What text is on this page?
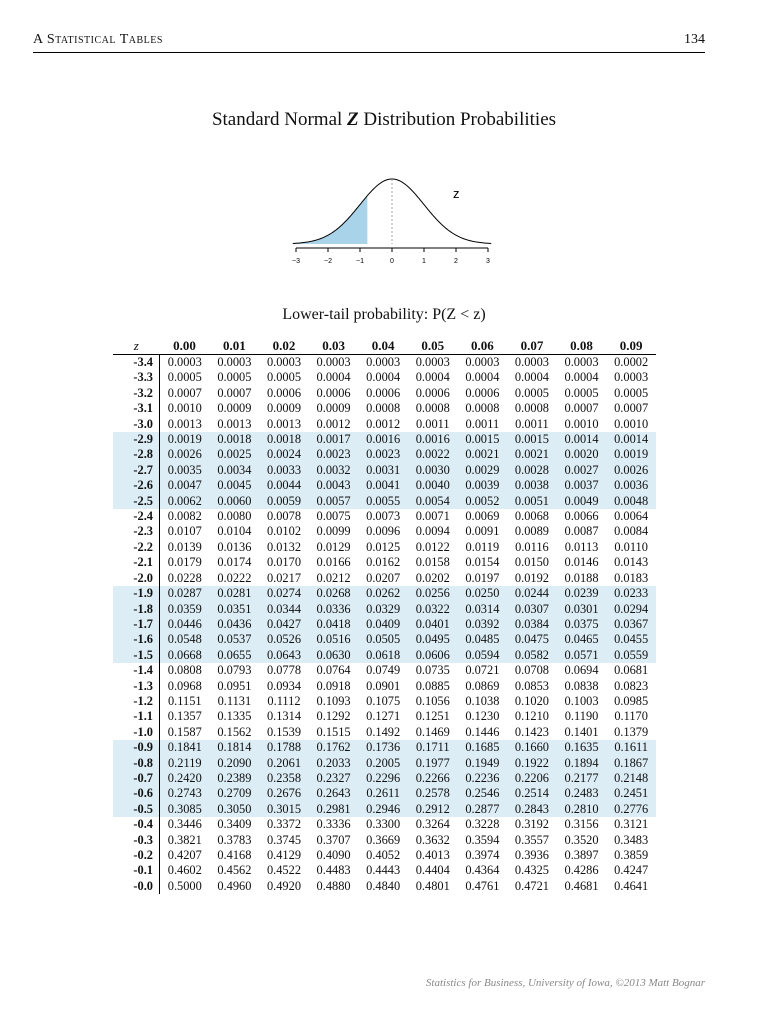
A Statistical Tables	134
Standard Normal Z Distribution Probabilities
−3	−2	−1	0	1	2	3
z
Lower-tail probability: P(Z < z)
z	0.00	0.01	0.02	0.03	0.04	0.05	0.06	0.07	0.08	0.09
-3.4	0.0003	0.0003	0.0003	0.0003	0.0003	0.0003	0.0003	0.0003	0.0003	0.0002
-3.3	0.0005	0.0005	0.0005	0.0004	0.0004	0.0004	0.0004	0.0004	0.0004	0.0003
-3.2	0.0007	0.0007	0.0006	0.0006	0.0006	0.0006	0.0006	0.0005	0.0005	0.0005
-3.1	0.0010	0.0009	0.0009	0.0009	0.0008	0.0008	0.0008	0.0008	0.0007	0.0007
-3.0	0.0013	0.0013	0.0013	0.0012	0.0012	0.0011	0.0011	0.0011	0.0010	0.0010
-2.9	0.0019	0.0018	0.0018	0.0017	0.0016	0.0016	0.0015	0.0015	0.0014	0.0014
-2.8	0.0026	0.0025	0.0024	0.0023	0.0023	0.0022	0.0021	0.0021	0.0020	0.0019
-2.7	0.0035	0.0034	0.0033	0.0032	0.0031	0.0030	0.0029	0.0028	0.0027	0.0026
-2.6	0.0047	0.0045	0.0044	0.0043	0.0041	0.0040	0.0039	0.0038	0.0037	0.0036
-2.5	0.0062	0.0060	0.0059	0.0057	0.0055	0.0054	0.0052	0.0051	0.0049	0.0048
-2.4	0.0082	0.0080	0.0078	0.0075	0.0073	0.0071	0.0069	0.0068	0.0066	0.0064
-2.3	0.0107	0.0104	0.0102	0.0099	0.0096	0.0094	0.0091	0.0089	0.0087	0.0084
-2.2	0.0139	0.0136	0.0132	0.0129	0.0125	0.0122	0.0119	0.0116	0.0113	0.0110
-2.1	0.0179	0.0174	0.0170	0.0166	0.0162	0.0158	0.0154	0.0150	0.0146	0.0143
-2.0	0.0228	0.0222	0.0217	0.0212	0.0207	0.0202	0.0197	0.0192	0.0188	0.0183
-1.9	0.0287	0.0281	0.0274	0.0268	0.0262	0.0256	0.0250	0.0244	0.0239	0.0233
-1.8	0.0359	0.0351	0.0344	0.0336	0.0329	0.0322	0.0314	0.0307	0.0301	0.0294
-1.7	0.0446	0.0436	0.0427	0.0418	0.0409	0.0401	0.0392	0.0384	0.0375	0.0367
-1.6	0.0548	0.0537	0.0526	0.0516	0.0505	0.0495	0.0485	0.0475	0.0465	0.0455
-1.5	0.0668	0.0655	0.0643	0.0630	0.0618	0.0606	0.0594	0.0582	0.0571	0.0559
-1.4	0.0808	0.0793	0.0778	0.0764	0.0749	0.0735	0.0721	0.0708	0.0694	0.0681
-1.3	0.0968	0.0951	0.0934	0.0918	0.0901	0.0885	0.0869	0.0853	0.0838	0.0823
-1.2	0.1151	0.1131	0.1112	0.1093	0.1075	0.1056	0.1038	0.1020	0.1003	0.0985
-1.1	0.1357	0.1335	0.1314	0.1292	0.1271	0.1251	0.1230	0.1210	0.1190	0.1170
-1.0	0.1587	0.1562	0.1539	0.1515	0.1492	0.1469	0.1446	0.1423	0.1401	0.1379
-0.9	0.1841	0.1814	0.1788	0.1762	0.1736	0.1711	0.1685	0.1660	0.1635	0.1611
-0.8	0.2119	0.2090	0.2061	0.2033	0.2005	0.1977	0.1949	0.1922	0.1894	0.1867
-0.7	0.2420	0.2389	0.2358	0.2327	0.2296	0.2266	0.2236	0.2206	0.2177	0.2148
-0.6	0.2743	0.2709	0.2676	0.2643	0.2611	0.2578	0.2546	0.2514	0.2483	0.2451
-0.5	0.3085	0.3050	0.3015	0.2981	0.2946	0.2912	0.2877	0.2843	0.2810	0.2776
-0.4	0.3446	0.3409	0.3372	0.3336	0.3300	0.3264	0.3228	0.3192	0.3156	0.3121
-0.3	0.3821	0.3783	0.3745	0.3707	0.3669	0.3632	0.3594	0.3557	0.3520	0.3483
-0.2	0.4207	0.4168	0.4129	0.4090	0.4052	0.4013	0.3974	0.3936	0.3897	0.3859
-0.1	0.4602	0.4562	0.4522	0.4483	0.4443	0.4404	0.4364	0.4325	0.4286	0.4247
-0.0	0.5000	0.4960	0.4920	0.4880	0.4840	0.4801	0.4761	0.4721	0.4681	0.4641
Statistics for Business, University of Iowa, ©2013 Matt Bognar
